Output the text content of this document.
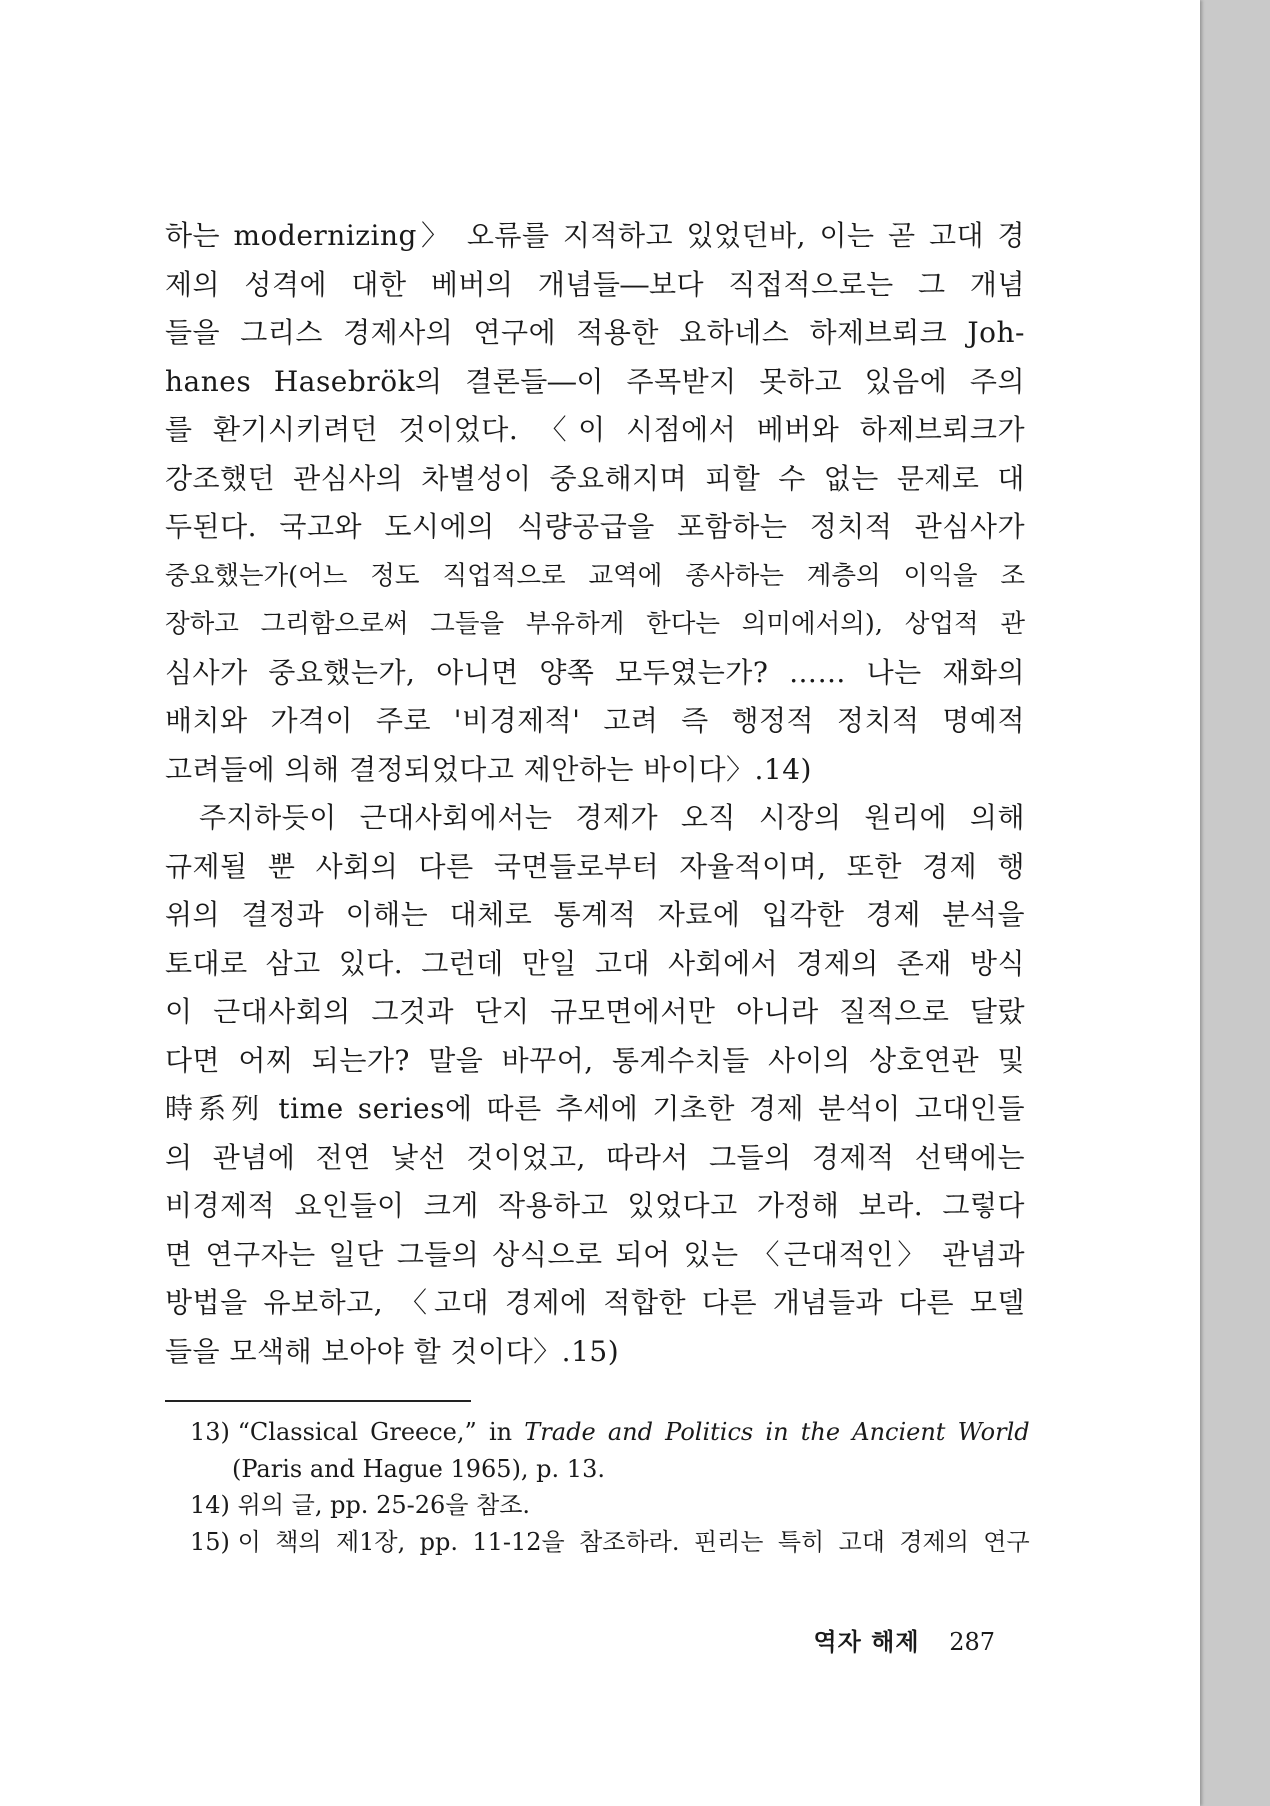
하는 modernizing〉 오류를 지적하고 있었던바, 이는 곧 고대 경
제의 성격에 대한 베버의 개념들―보다 직접적으로는 그 개념
들을 그리스 경제사의 연구에 적용한 요하네스 하제브뢰크 Joh-
hanes Hasebrök의 결론들―이 주목받지 못하고 있음에 주의
를 환기시키려던 것이었다. 〈이 시점에서 베버와 하제브뢰크가
강조했던 관심사의 차별성이 중요해지며 피할 수 없는 문제로 대
두된다. 국고와 도시에의 식량공급을 포함하는 정치적 관심사가
중요했는가(어느 정도 직업적으로 교역에 종사하는 계층의 이익을 조
장하고 그리함으로써 그들을 부유하게 한다는 의미에서의), 상업적 관
심사가 중요했는가, 아니면 양쪽 모두였는가? …… 나는 재화의
배치와 가격이 주로 '비경제적' 고려 즉 행정적 정치적 명예적
고려들에 의해 결정되었다고 제안하는 바이다〉.14)
주지하듯이 근대사회에서는 경제가 오직 시장의 원리에 의해
규제될 뿐 사회의 다른 국면들로부터 자율적이며, 또한 경제 행
위의 결정과 이해는 대체로 통계적 자료에 입각한 경제 분석을
토대로 삼고 있다. 그런데 만일 고대 사회에서 경제의 존재 방식
이 근대사회의 그것과 단지 규모면에서만 아니라 질적으로 달랐
다면 어찌 되는가? 말을 바꾸어, 통계수치들 사이의 상호연관 및
時系列 time series에 따른 추세에 기초한 경제 분석이 고대인들
의 관념에 전연 낯선 것이었고, 따라서 그들의 경제적 선택에는
비경제적 요인들이 크게 작용하고 있었다고 가정해 보라. 그렇다
면 연구자는 일단 그들의 상식으로 되어 있는 〈근대적인〉 관념과
방법을 유보하고, 〈고대 경제에 적합한 다른 개념들과 다른 모델
들을 모색해 보아야 할 것이다〉.15)
13) “Classical Greece,” in Trade and Politics in the Ancient World
(Paris and Hague 1965), p. 13.
14) 위의 글, pp. 25-26을 참조.
15) 이 책의 제1장, pp. 11-12을 참조하라. 핀리는 특히 고대 경제의 연구
역자 해제 287
